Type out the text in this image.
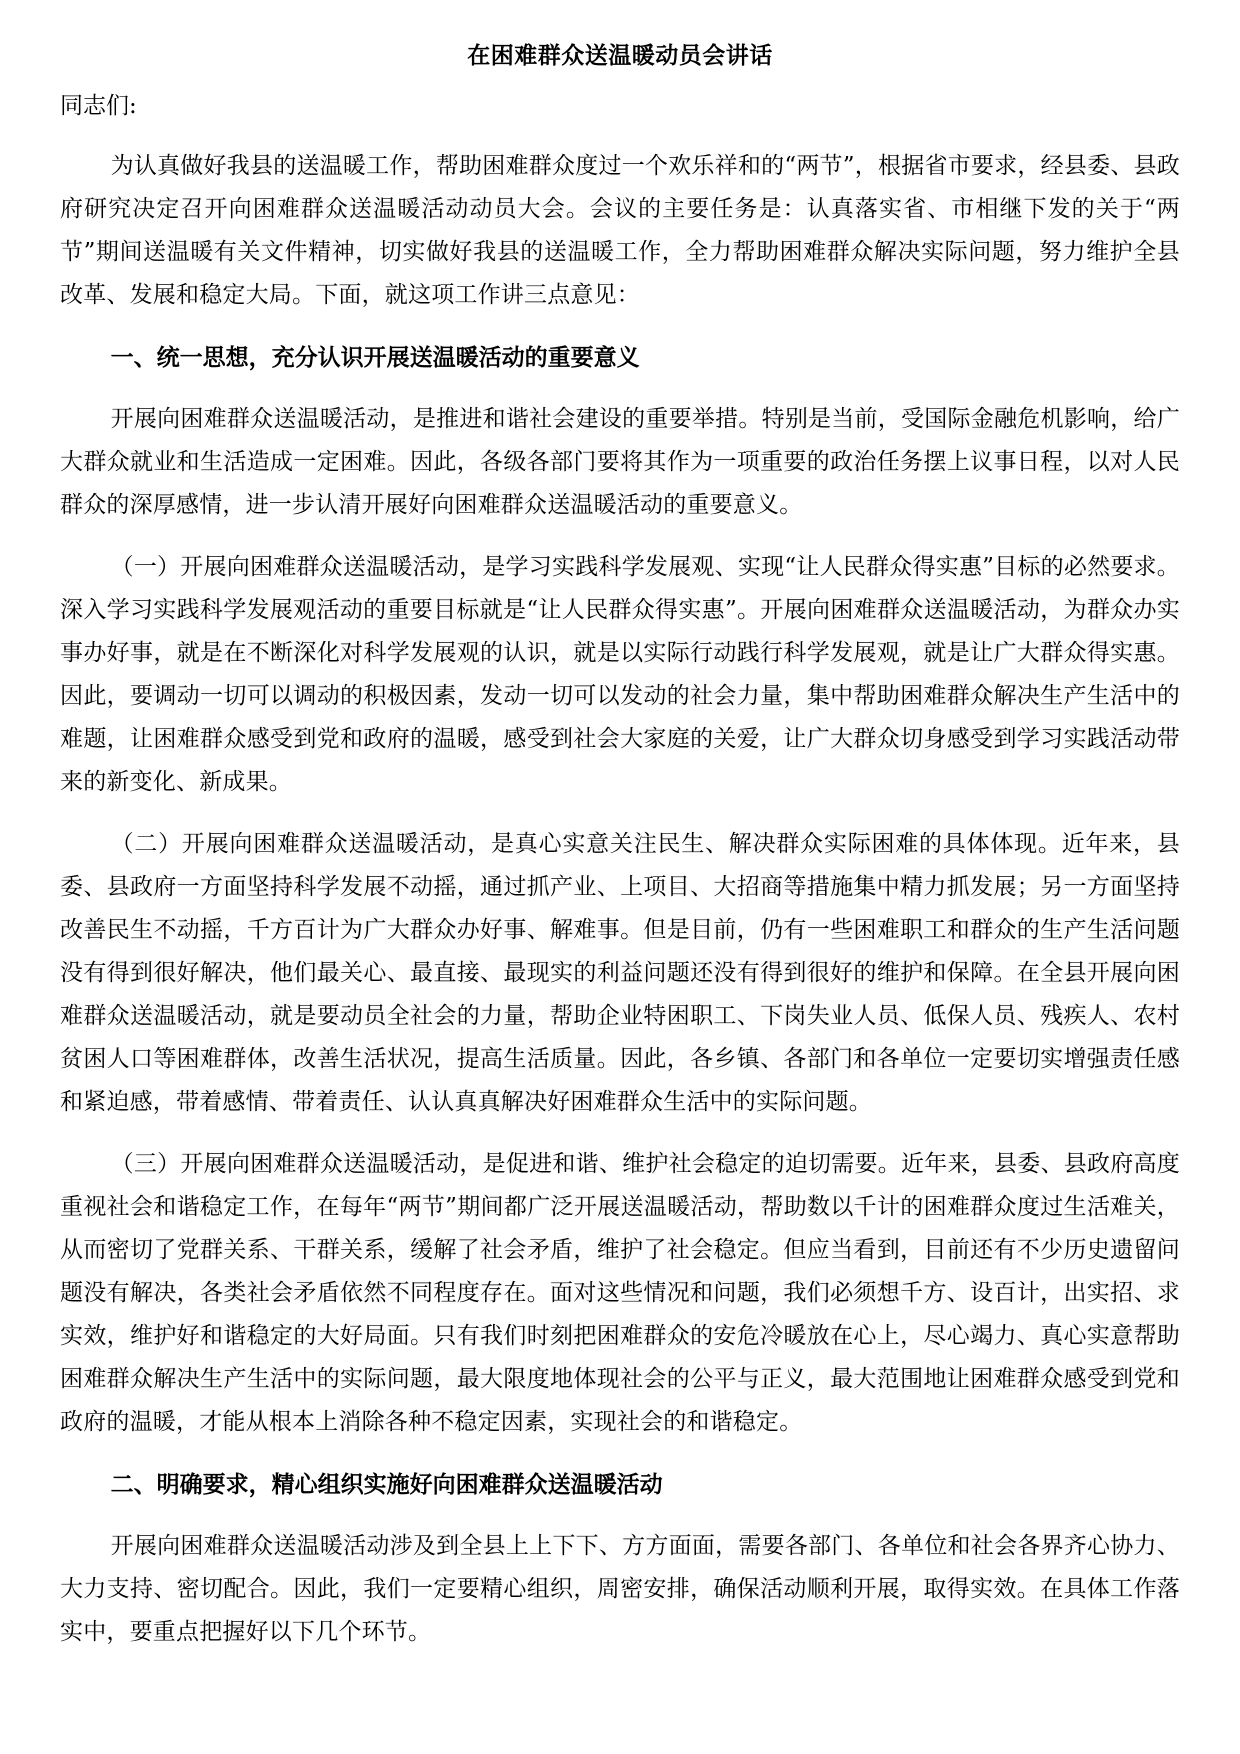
在困难群众送温暖动员会讲话
同志们:

为认真做好我县的送温暖工作，帮助困难群众度过一个欢乐祥和的“两节”，根据省市要求，经县委、县政府研究决定召开向困难群众送温暖活动动员大会。会议的主要任务是：认真落实省、市相继下发的关于“两节”期间送温暖有关文件精神，切实做好我县的送温暖工作，全力帮助困难群众解决实际问题，努力维护全县改革、发展和稳定大局。下面，就这项工作讲三点意见：

一、统一思想，充分认识开展送温暖活动的重要意义

开展向困难群众送温暖活动，是推进和谐社会建设的重要举措。特别是当前，受国际金融危机影响，给广大群众就业和生活造成一定困难。因此，各级各部门要将其作为一项重要的政治任务摆上议事日程，以对人民群众的深厚感情，进一步认清开展好向困难群众送温暖活动的重要意义。

（一）开展向困难群众送温暖活动，是学习实践科学发展观、实现“让人民群众得实惠”目标的必然要求。深入学习实践科学发展观活动的重要目标就是“让人民群众得实惠”。开展向困难群众送温暖活动，为群众办实事办好事，就是在不断深化对科学发展观的认识，就是以实际行动践行科学发展观，就是让广大群众得实惠。因此，要调动一切可以调动的积极因素，发动一切可以发动的社会力量，集中帮助困难群众解决生产生活中的难题，让困难群众感受到党和政府的温暖，感受到社会大家庭的关爱，让广大群众切身感受到学习实践活动带来的新变化、新成果。

（二）开展向困难群众送温暖活动，是真心实意关注民生、解决群众实际困难的具体体现。近年来，县委、县政府一方面坚持科学发展不动摇，通过抓产业、上项目、大招商等措施集中精力抓发展；另一方面坚持改善民生不动摇，千方百计为广大群众办好事、解难事。但是目前，仍有一些困难职工和群众的生产生活问题没有得到很好解决，他们最关心、最直接、最现实的利益问题还没有得到很好的维护和保障。在全县开展向困难群众送温暖活动，就是要动员全社会的力量，帮助企业特困职工、下岗失业人员、低保人员、残疾人、农村贫困人口等困难群体，改善生活状况，提高生活质量。因此，各乡镇、各部门和各单位一定要切实增强责任感和紧迫感，带着感情、带着责任、认认真真解决好困难群众生活中的实际问题。

（三）开展向困难群众送温暖活动，是促进和谐、维护社会稳定的迫切需要。近年来，县委、县政府高度重视社会和谐稳定工作，在每年“两节”期间都广泛开展送温暖活动，帮助数以千计的困难群众度过生活难关，从而密切了党群关系、干群关系，缓解了社会矛盾，维护了社会稳定。但应当看到，目前还有不少历史遗留问题没有解决，各类社会矛盾依然不同程度存在。面对这些情况和问题，我们必须想千方、设百计，出实招、求实效，维护好和谐稳定的大好局面。只有我们时刻把困难群众的安危冷暖放在心上，尽心竭力、真心实意帮助困难群众解决生产生活中的实际问题，最大限度地体现社会的公平与正义，最大范围地让困难群众感受到党和政府的温暖，才能从根本上消除各种不稳定因素，实现社会的和谐稳定。

二、明确要求，精心组织实施好向困难群众送温暖活动

开展向困难群众送温暖活动涉及到全县上上下下、方方面面，需要各部门、各单位和社会各界齐心协力、大力支持、密切配合。因此，我们一定要精心组织，周密安排，确保活动顺利开展，取得实效。在具体工作落实中，要重点把握好以下几个环节。
